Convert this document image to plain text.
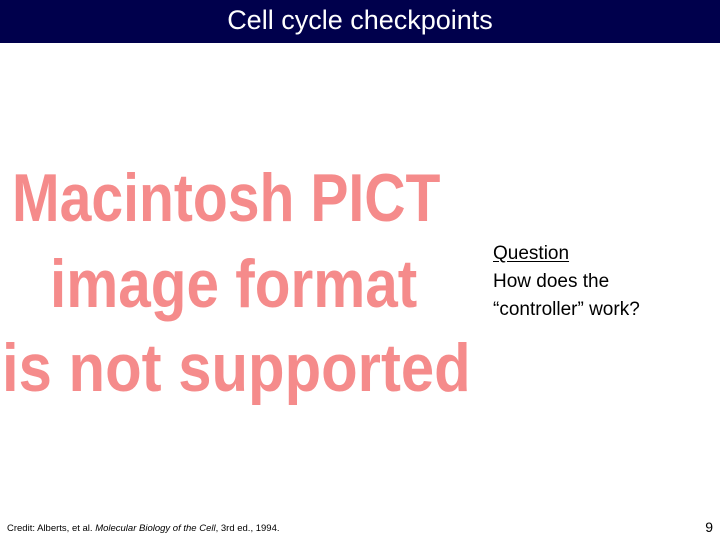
Cell cycle checkpoints
Macintosh PICT
image format
is not supported
Question
How does the
“controller” work?
Credit: Alberts, et al. Molecular Biology of the Cell, 3rd ed., 1994.	9
